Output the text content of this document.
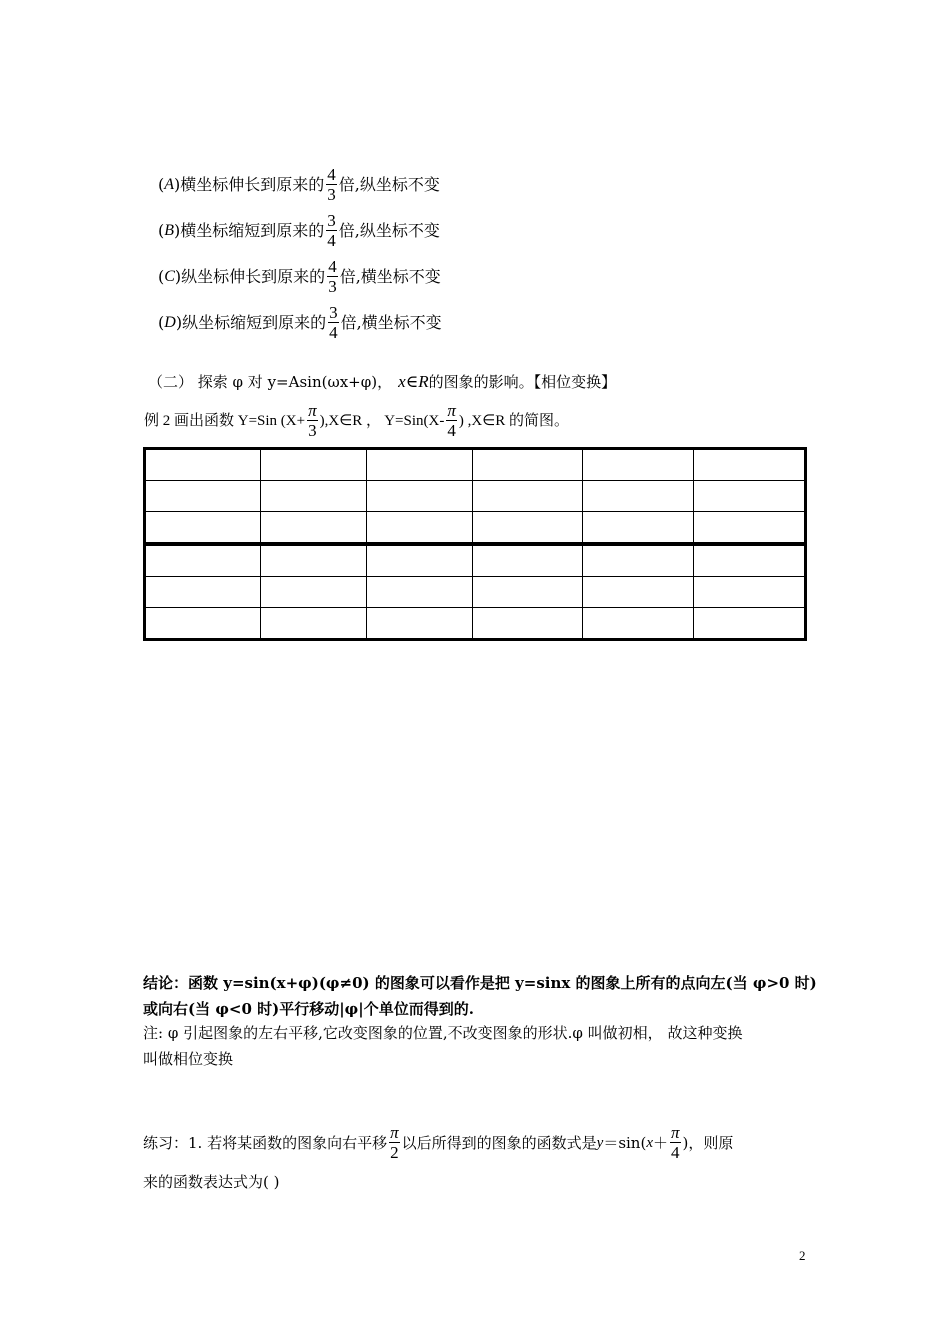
( A ) 横坐标伸长到原来的 $\frac{4}{3}$ 倍,纵坐标不变
( B ) 横坐标缩短到原来的 $\frac{3}{4}$ 倍,纵坐标不变
( C ) 纵坐标伸长到原来的 $\frac{4}{3}$ 倍,横坐标不变
( D ) 纵坐标缩短到原来的 $\frac{3}{4}$ 倍,横坐标不变
（二） 探索 φ 对 y=Asin(ωx+φ)， x ∈ R 的图象的影响。【相位变换】
例 2 画出函数 Y=Sin ($X+ \frac{\pi}{3}$ ),X∈R ， $Y=Sin(X- \frac{\pi}{4}$ ) ,X∈R 的简图。

结论：函数 y=sin(x+φ)(φ≠0) 的图象可以看作是把 y=sinx 的图象上所有的点向左(当 φ>0 时)
或向右(当 φ<0 时)平行移动|φ|个单位而得到的.
注: φ 引起图象的左右平移,它改变图象的位置,不改变图象的形状.φ 叫做初相， 故这种变换
叫做相位变换
练习：1. 若将某函数的图象向右平移 $\frac{\pi}{2}$ 以后所得到的图象的函数式是 y ＝sin( $x + \frac{\pi}{4}$ )，则原
来的函数表达式为( )
2
